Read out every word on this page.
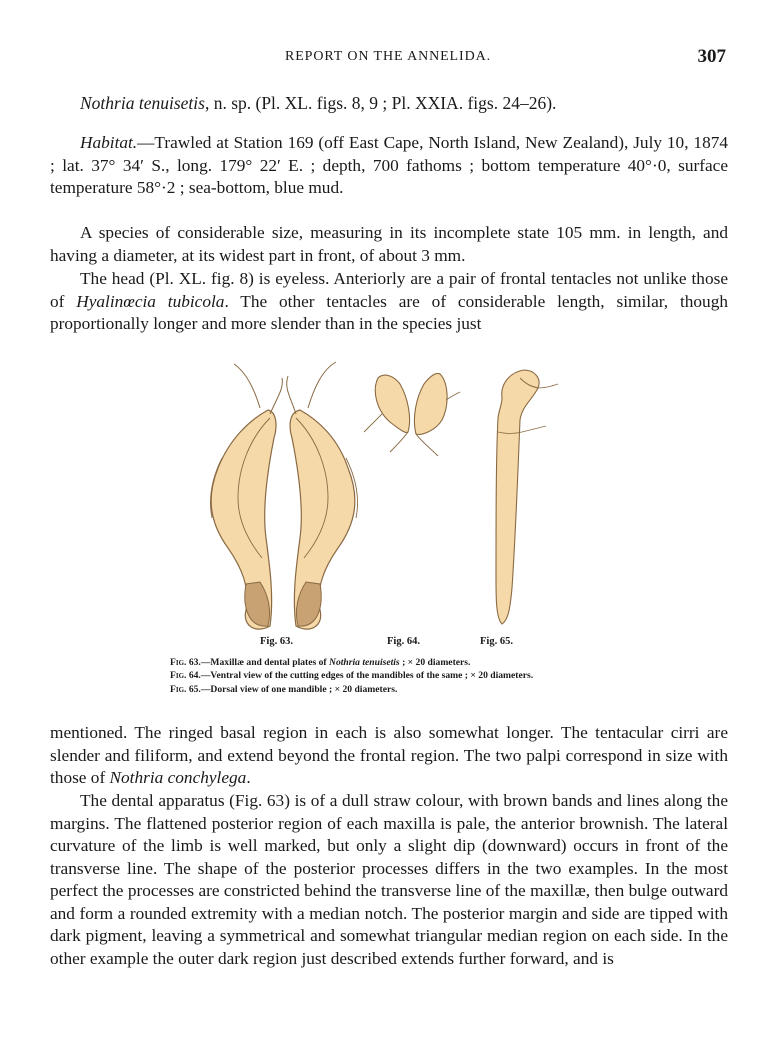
REPORT ON THE ANNELIDA.	307
Nothria tenuisetis, n. sp. (Pl. XL. figs. 8, 9 ; Pl. XXIA. figs. 24–26).

Habitat.—Trawled at Station 169 (off East Cape, North Island, New Zealand), July 10, 1874 ; lat. 37° 34′ S., long. 179° 22′ E. ; depth, 700 fathoms ; bottom temperature 40°·0, surface temperature 58°·2 ; sea-bottom, blue mud.

A species of considerable size, measuring in its incomplete state 105 mm. in length, and having a diameter, at its widest part in front, of about 3 mm.

The head (Pl. XL. fig. 8) is eyeless. Anteriorly are a pair of frontal tentacles not unlike those of Hyalinœcia tubicola. The other tentacles are of considerable length, similar, though proportionally longer and more slender than in the species just

Fig. 63.	Fig. 64.	Fig. 65.
Fig. 63.—Maxillæ and dental plates of Nothria tenuisetis ; × 20 diameters.
Fig. 64.—Ventral view of the cutting edges of the mandibles of the same ; × 20 diameters.
Fig. 65.—Dorsal view of one mandible ; × 20 diameters.

mentioned. The ringed basal region in each is also somewhat longer. The tentacular cirri are slender and filiform, and extend beyond the frontal region. The two palpi correspond in size with those of Nothria conchylega.

The dental apparatus (Fig. 63) is of a dull straw colour, with brown bands and lines along the margins. The flattened posterior region of each maxilla is pale, the anterior brownish. The lateral curvature of the limb is well marked, but only a slight dip (downward) occurs in front of the transverse line. The shape of the posterior processes differs in the two examples. In the most perfect the processes are constricted behind the transverse line of the maxillæ, then bulge outward and form a rounded extremity with a median notch. The posterior margin and side are tipped with dark pigment, leaving a symmetrical and somewhat triangular median region on each side. In the other example the outer dark region just described extends further forward, and is
